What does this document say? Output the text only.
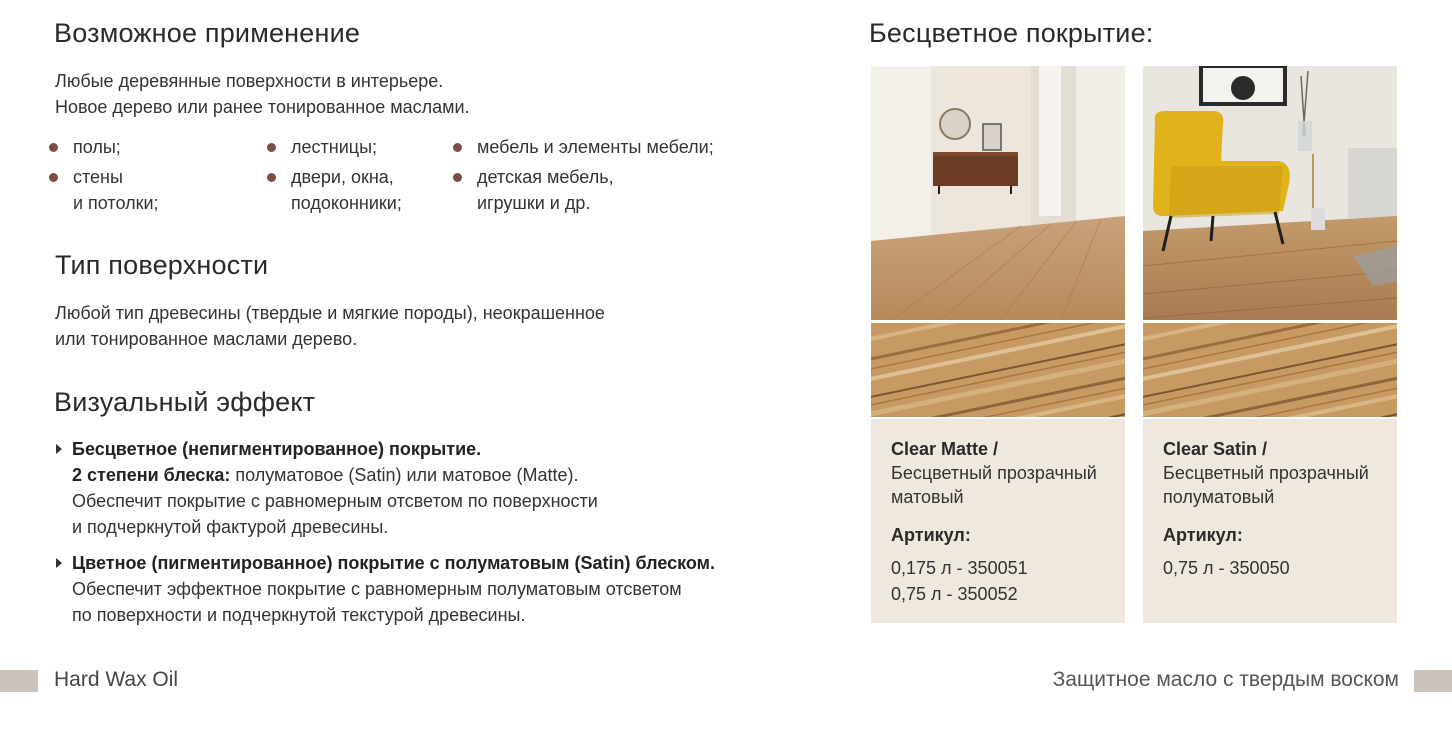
Возможное применение

Любые деревянные поверхности в интерьере.

Новое дерево или ранее тонированное маслами.

полы;
стены
и потолки;
лестницы;
двери, окна,
подоконники;
мебель и элементы мебели;
детская мебель,
игрушки и др.
Тип поверхности

Любой тип древесины (твердые и мягкие породы), неокрашенное

или тонированное маслами дерево.

Визуальный эффект
Бесцветное (непигментированное) покрытие.
2 степени блеска: полуматовое (Satin) или матовое (Matte).
Обеспечит покрытие с равномерным отсветом по поверхности
и подчеркнутой фактурой древесины.
Цветное (пигментированное) покрытие с полуматовым (Satin) блеском.
Обеспечит эффектное покрытие с равномерным полуматовым отсветом
по поверхности и подчеркнутой текстурой древесины.
Бесцветное покрытие:
Clear Matte /
Бесцветный прозрачный
матовый
Артикул:
0,175 л - 350051
0,75 л - 350052
Clear Satin /
Бесцветный прозрачный
полуматовый
Артикул:
0,75 л - 350050
Hard Wax Oil	Защитное масло с твердым воском
